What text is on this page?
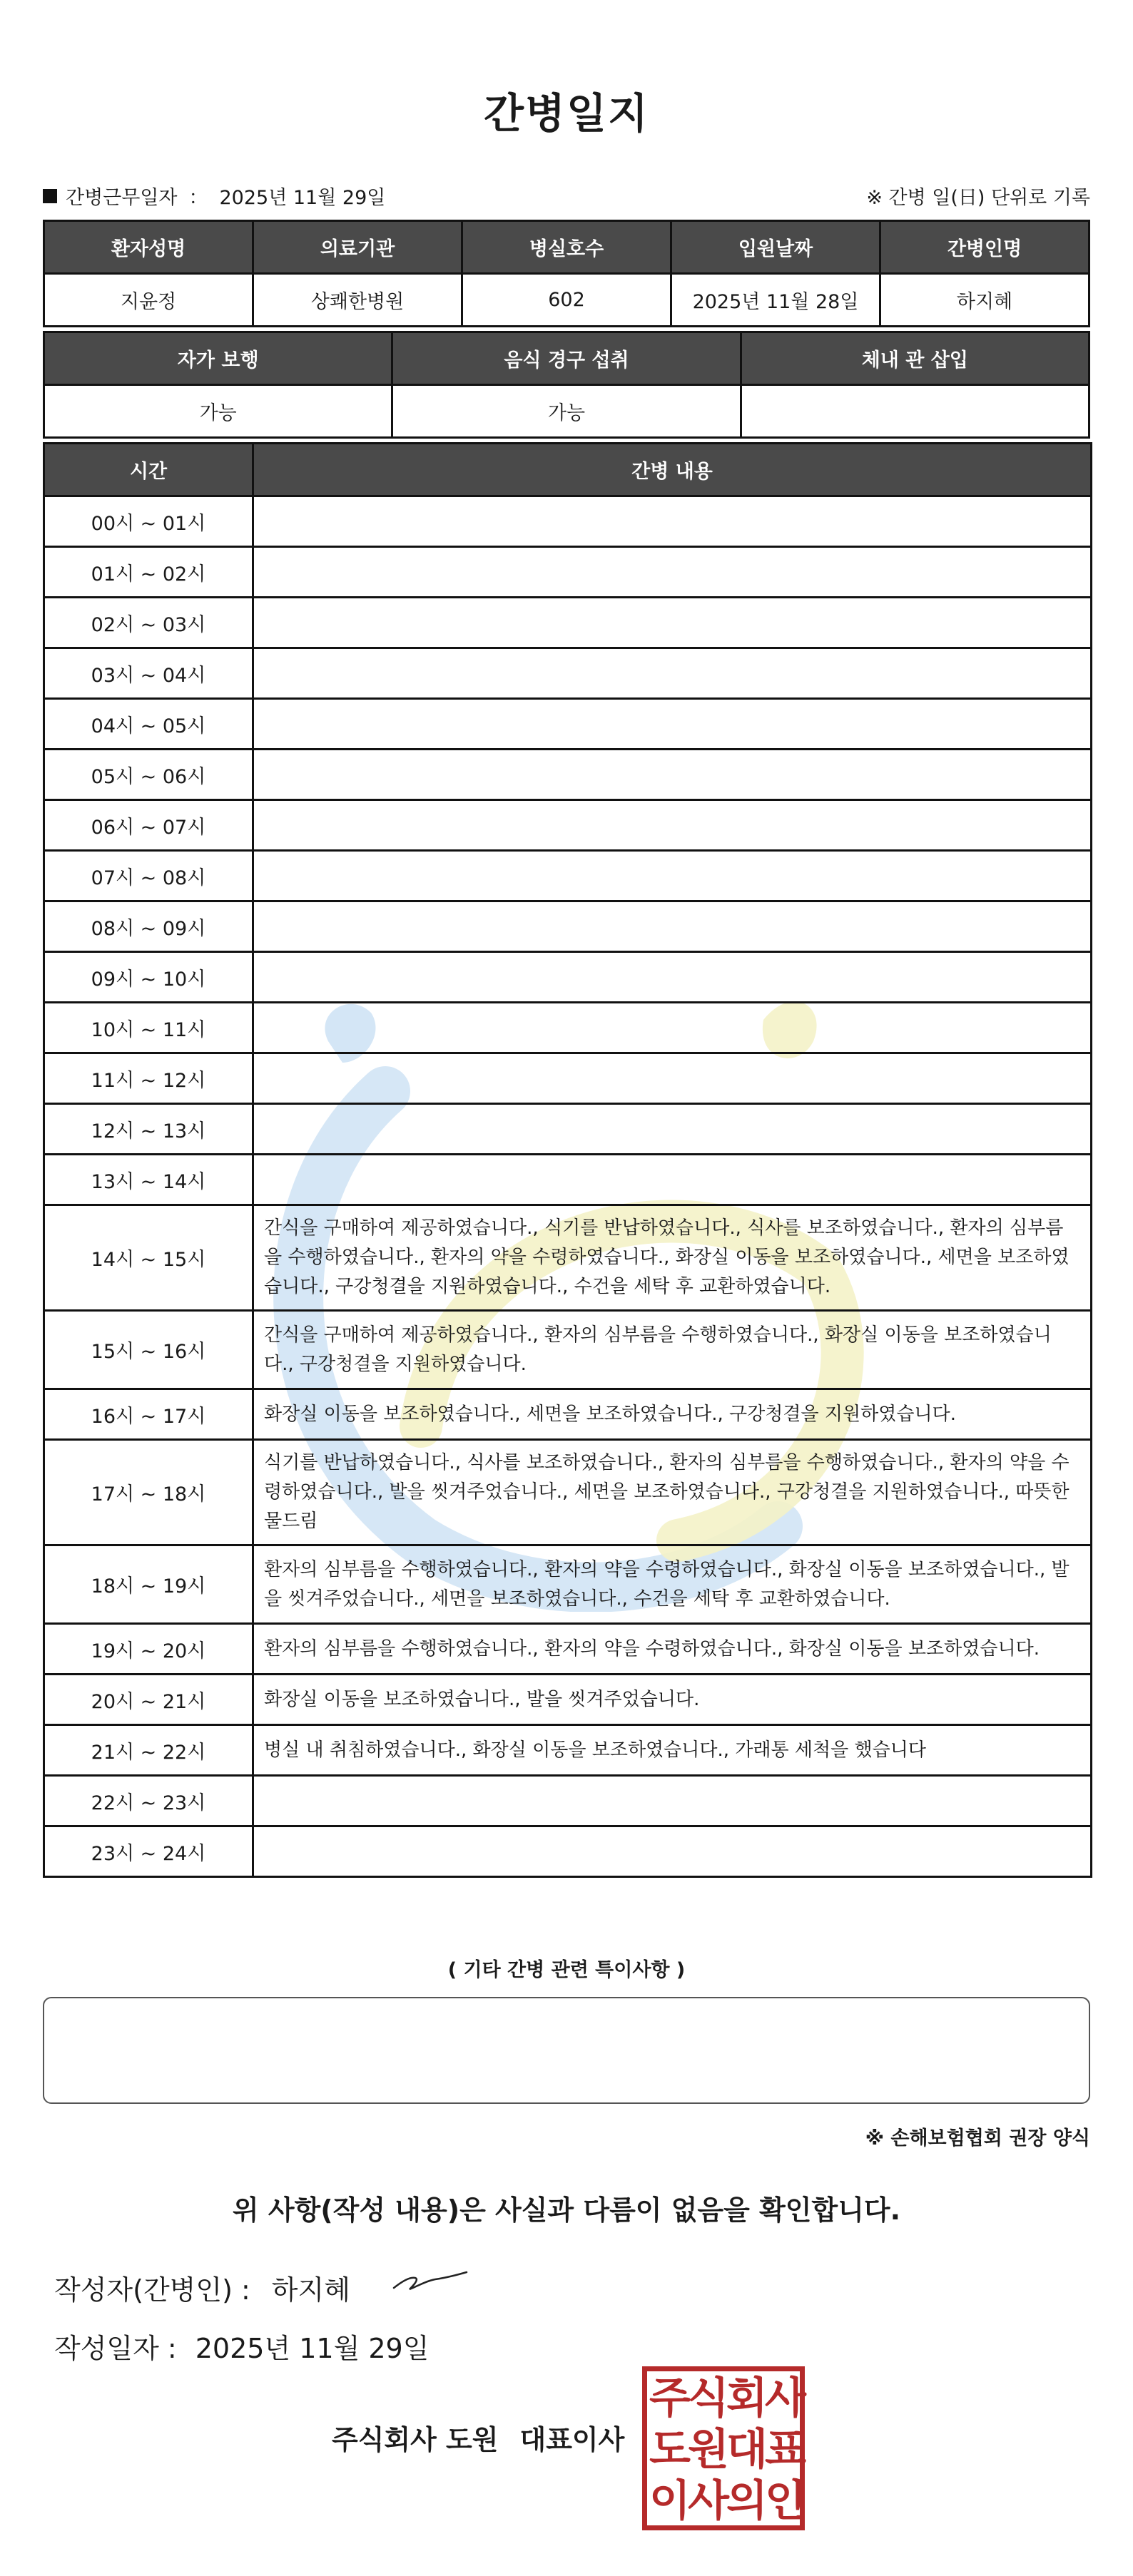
간병일지
간병근무일자 ： 2025년 11월 29일	※ 간병 일(日) 단위로 기록
환자성명	의료기관	병실호수	입원날짜	간병인명
지윤정	상쾌한병원	602	2025년 11월 28일	하지혜
자가 보행	음식 경구 섭취	체내 관 삽입
가능	가능	
시간	간병 내용
00시 ~ 01시	
01시 ~ 02시	
02시 ~ 03시	
03시 ~ 04시	
04시 ~ 05시	
05시 ~ 06시	
06시 ~ 07시	
07시 ~ 08시	
08시 ~ 09시	
09시 ~ 10시	
10시 ~ 11시	
11시 ~ 12시	
12시 ~ 13시	
13시 ~ 14시	
14시 ~ 15시	간식을 구매하여 제공하였습니다., 식기를 반납하였습니다., 식사를 보조하였습니다., 환자의 심부름을 수행하였습니다., 환자의 약을 수령하였습니다., 화장실 이동을 보조하였습니다., 세면을 보조하였습니다., 구강청결을 지원하였습니다., 수건을 세탁 후 교환하였습니다.
15시 ~ 16시	간식을 구매하여 제공하였습니다., 환자의 심부름을 수행하였습니다., 화장실 이동을 보조하였습니다., 구강청결을 지원하였습니다.
16시 ~ 17시	화장실 이동을 보조하였습니다., 세면을 보조하였습니다., 구강청결을 지원하였습니다.
17시 ~ 18시	식기를 반납하였습니다., 식사를 보조하였습니다., 환자의 심부름을 수행하였습니다., 환자의 약을 수령하였습니다., 발을 씻겨주었습니다., 세면을 보조하였습니다., 구강청결을 지원하였습니다., 따뜻한 물드림
18시 ~ 19시	환자의 심부름을 수행하였습니다., 환자의 약을 수령하였습니다., 화장실 이동을 보조하였습니다., 발을 씻겨주었습니다., 세면을 보조하였습니다., 수건을 세탁 후 교환하였습니다.
19시 ~ 20시	환자의 심부름을 수행하였습니다., 환자의 약을 수령하였습니다., 화장실 이동을 보조하였습니다.
20시 ~ 21시	화장실 이동을 보조하였습니다., 발을 씻겨주었습니다.
21시 ~ 22시	병실 내 취침하였습니다., 화장실 이동을 보조하였습니다., 가래통 세척을 했습니다
22시 ~ 23시	
23시 ~ 24시	
( 기타 간병 관련 특이사항 )
※ 손해보험협회 권장 양식
위 사항(작성 내용)은 사실과 다름이 없음을 확인합니다.
작성자(간병인) : 하지혜
작성일자 : 2025년 11월 29일
주식회사 도원 대표이사
주
식
회
사
도
원
대
표
이
사
의
인
